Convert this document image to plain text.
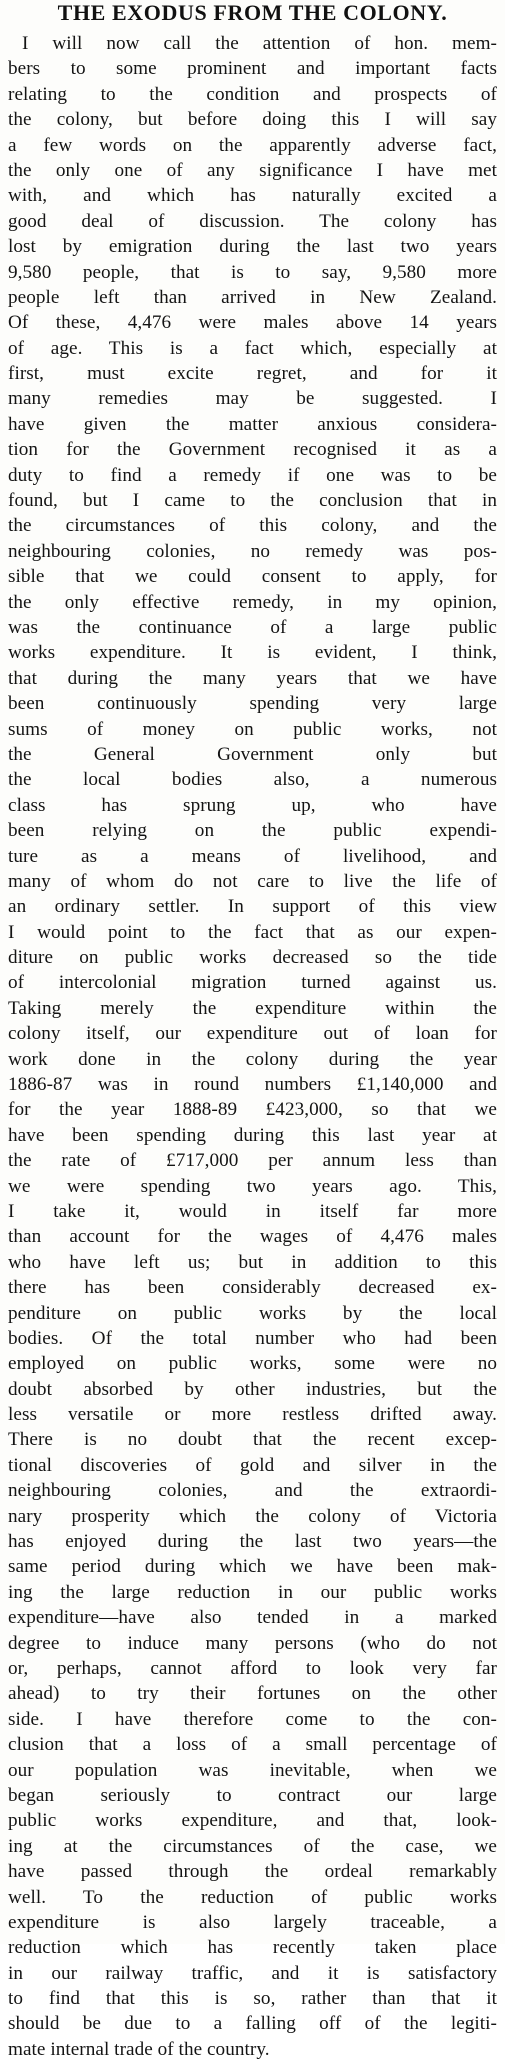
THE EXODUS FROM THE COLONY.
I will now call the attention of hon. mem-
bers to some prominent and important facts
relating to the condition and prospects of
the colony, but before doing this I will say
a few words on the apparently adverse fact,
the only one of any significance I have met
with, and which has naturally excited a
good deal of discussion. The colony has
lost by emigration during the last two years
9,580 people, that is to say, 9,580 more
people left than arrived in New Zealand.
Of these, 4,476 were males above 14 years
of age. This is a fact which, especially at
first, must excite regret, and for it
many remedies may be suggested. I
have given the matter anxious considera-
tion for the Government recognised it as a
duty to find a remedy if one was to be
found, but I came to the conclusion that in
the circumstances of this colony, and the
neighbouring colonies, no remedy was pos-
sible that we could consent to apply, for
the only effective remedy, in my opinion,
was the continuance of a large public
works expenditure. It is evident, I think,
that during the many years that we have
been continuously spending very large
sums of money on public works, not
the General Government only but
the local bodies also, a numerous
class has sprung up, who have
been relying on the public expendi-
ture as a means of livelihood, and
many of whom do not care to live the life of
an ordinary settler. In support of this view
I would point to the fact that as our expen-
diture on public works decreased so the tide
of intercolonial migration turned against us.
Taking merely the expenditure within the
colony itself, our expenditure out of loan for
work done in the colony during the year
1886-87 was in round numbers £1,140,000 and
for the year 1888-89 £423,000, so that we
have been spending during this last year at
the rate of £717,000 per annum less than
we were spending two years ago. This,
I take it, would in itself far more
than account for the wages of 4,476 males
who have left us; but in addition to this
there has been considerably decreased ex-
penditure on public works by the local
bodies. Of the total number who had been
employed on public works, some were no
doubt absorbed by other industries, but the
less versatile or more restless drifted away.
There is no doubt that the recent excep-
tional discoveries of gold and silver in the
neighbouring colonies, and the extraordi-
nary prosperity which the colony of Victoria
has enjoyed during the last two years—the
same period during which we have been mak-
ing the large reduction in our public works
expenditure—have also tended in a marked
degree to induce many persons (who do not
or, perhaps, cannot afford to look very far
ahead) to try their fortunes on the other
side. I have therefore come to the con-
clusion that a loss of a small percentage of
our population was inevitable, when we
began seriously to contract our large
public works expenditure, and that, look-
ing at the circumstances of the case, we
have passed through the ordeal remarkably
well. To the reduction of public works
expenditure is also largely traceable, a
reduction which has recently taken place
in our railway traffic, and it is satisfactory
to find that this is so, rather than that it
should be due to a falling off of the legiti-
mate internal trade of the country.
